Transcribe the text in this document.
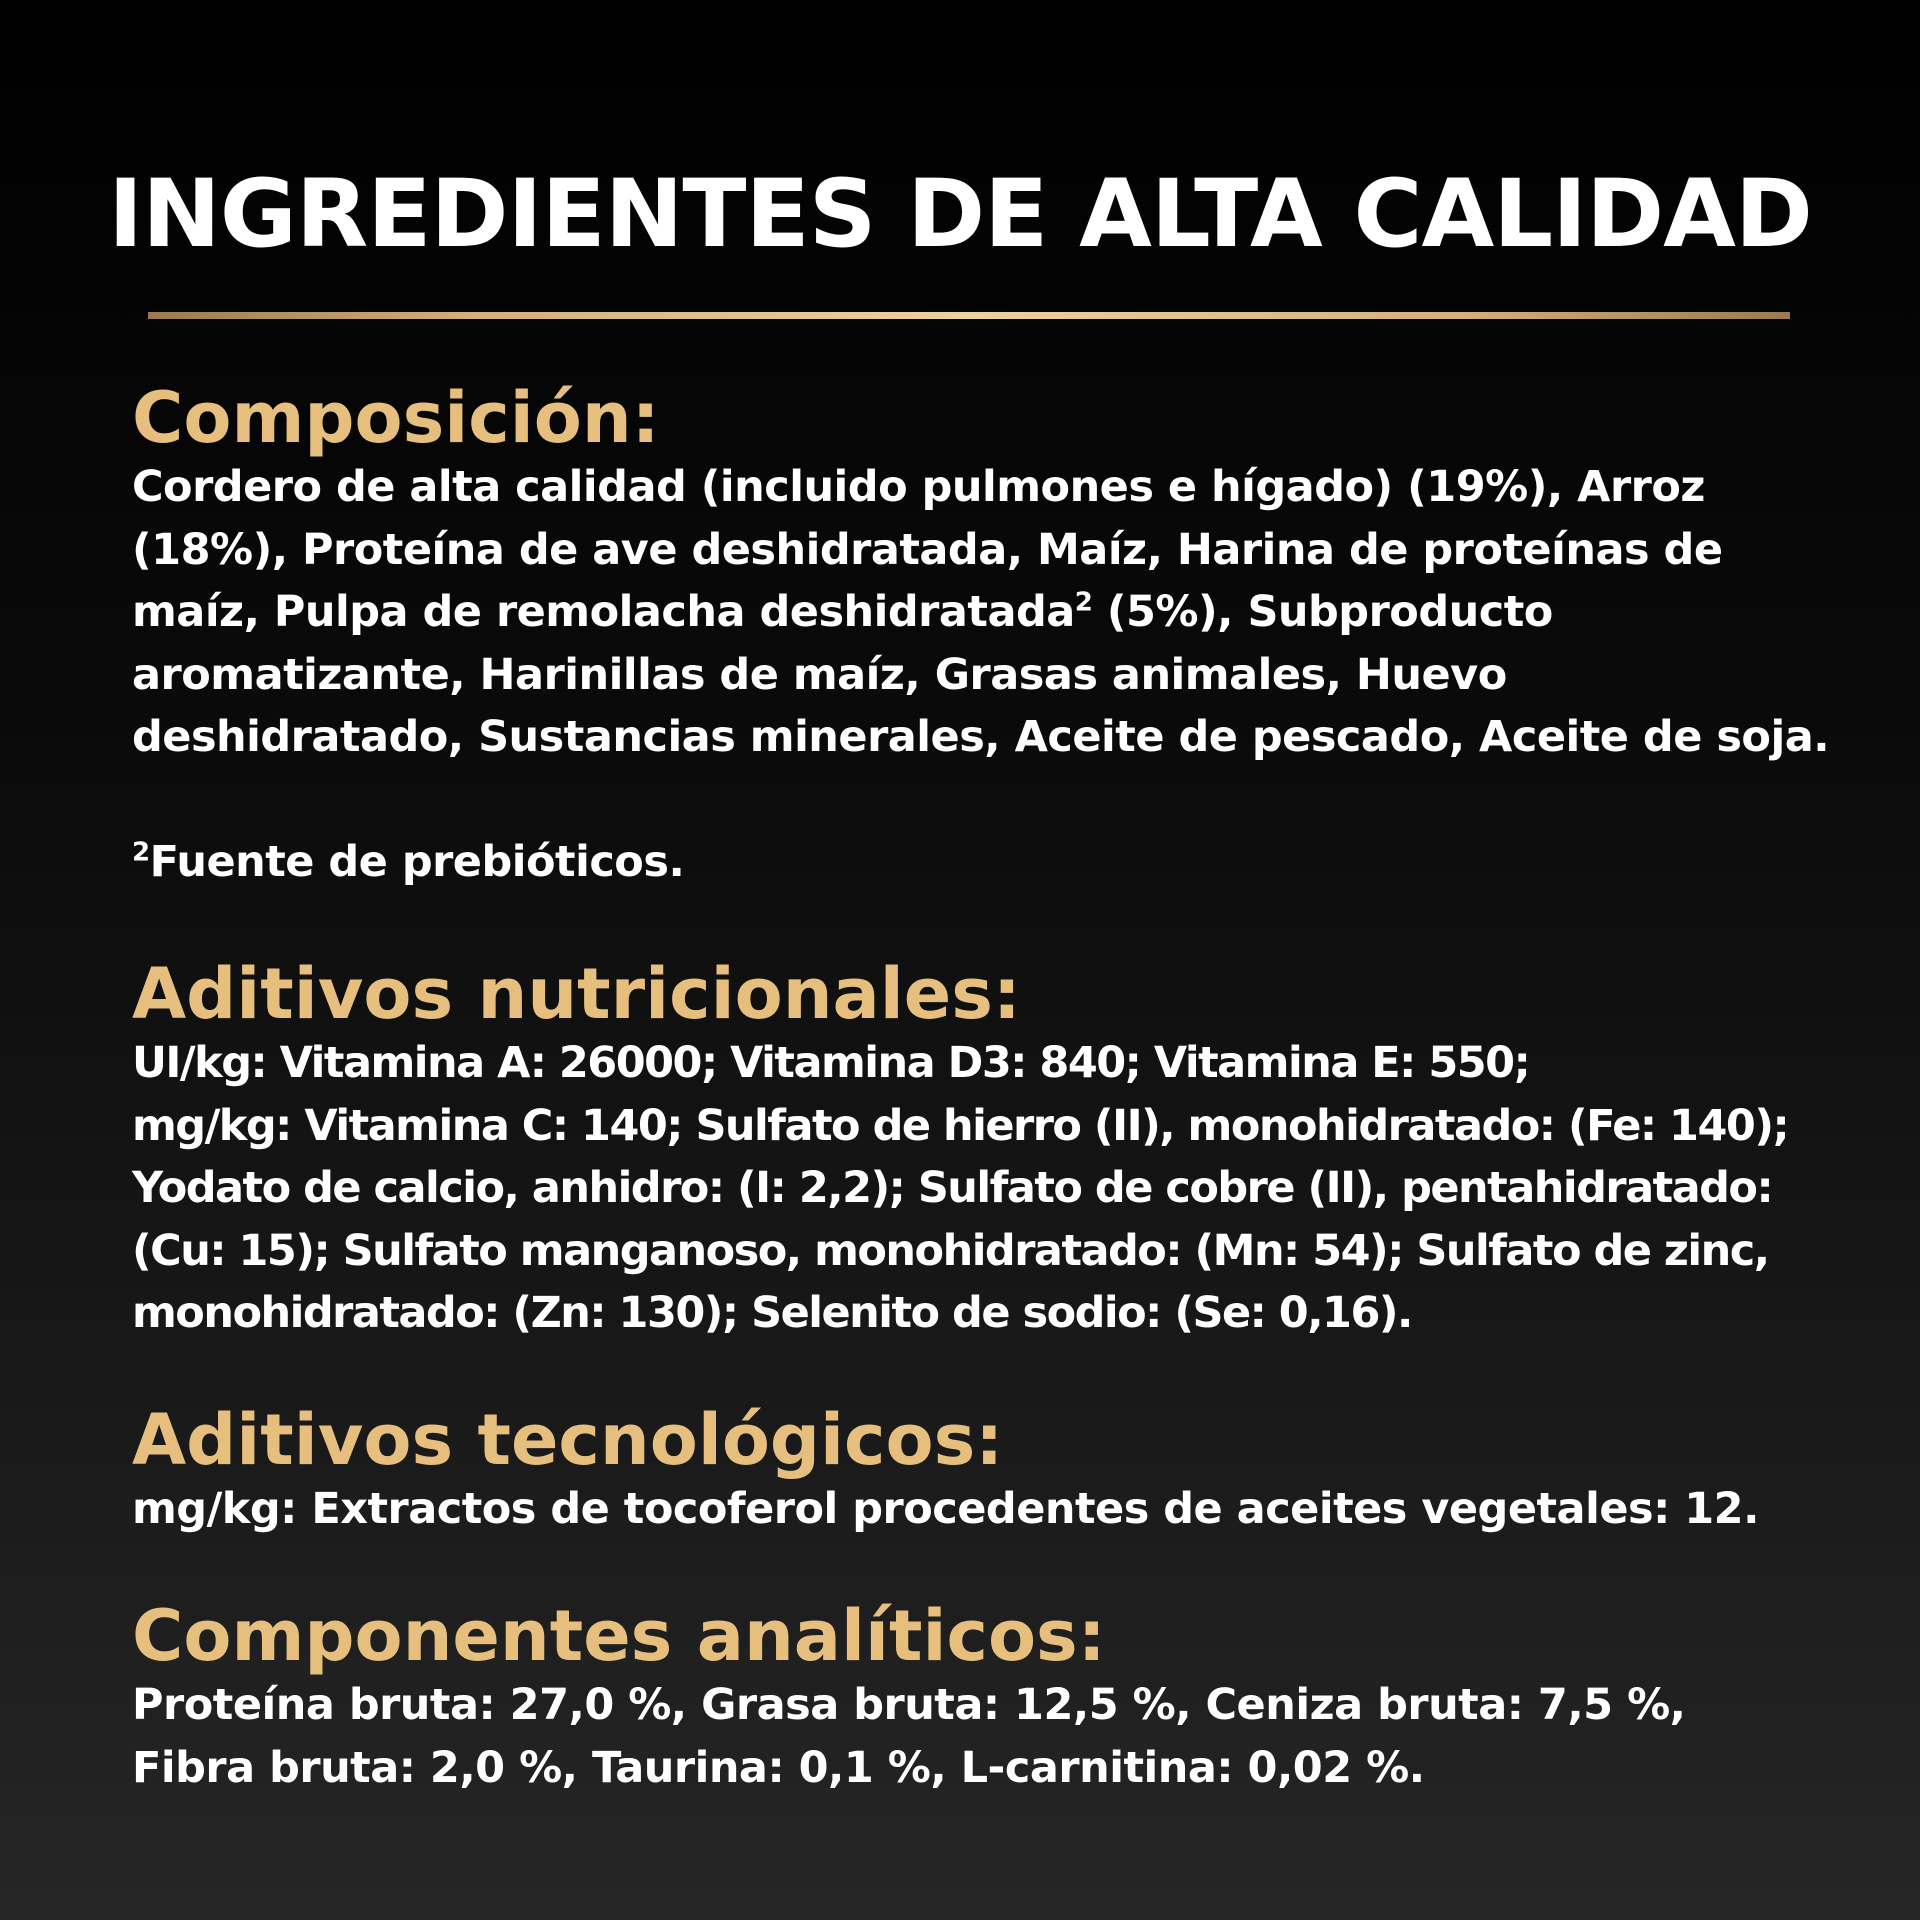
INGREDIENTES DE ALTA CALIDAD
Composición:

Cordero de alta calidad (incluido pulmones e hígado) (19%), Arroz
(18%), Proteína de ave deshidratada, Maíz, Harina de proteínas de
maíz, Pulpa de remolacha deshidratada$^2$ (5%), Subproducto
aromatizante, Harinillas de maíz, Grasas animales, Huevo
deshidratado, Sustancias minerales, Aceite de pescado, Aceite de soja.

$^2$Fuente de prebióticos.

Aditivos nutricionales:

UI/kg: Vitamina A: 26000; Vitamina D3: 840; Vitamina E: 550;
mg/kg: Vitamina C: 140; Sulfato de hierro (II), monohidratado: (Fe: 140);
Yodato de calcio, anhidro: (I: 2,2); Sulfato de cobre (II), pentahidratado:
(Cu: 15); Sulfato manganoso, monohidratado: (Mn: 54); Sulfato de zinc,
monohidratado: (Zn: 130); Selenito de sodio: (Se: 0,16).

Aditivos tecnológicos:

mg/kg: Extractos de tocoferol procedentes de aceites vegetales: 12.

Componentes analíticos:

Proteína bruta: 27,0 %, Grasa bruta: 12,5 %, Ceniza bruta: 7,5 %,
Fibra bruta: 2,0 %, Taurina: 0,1 %, L-carnitina: 0,02 %.
